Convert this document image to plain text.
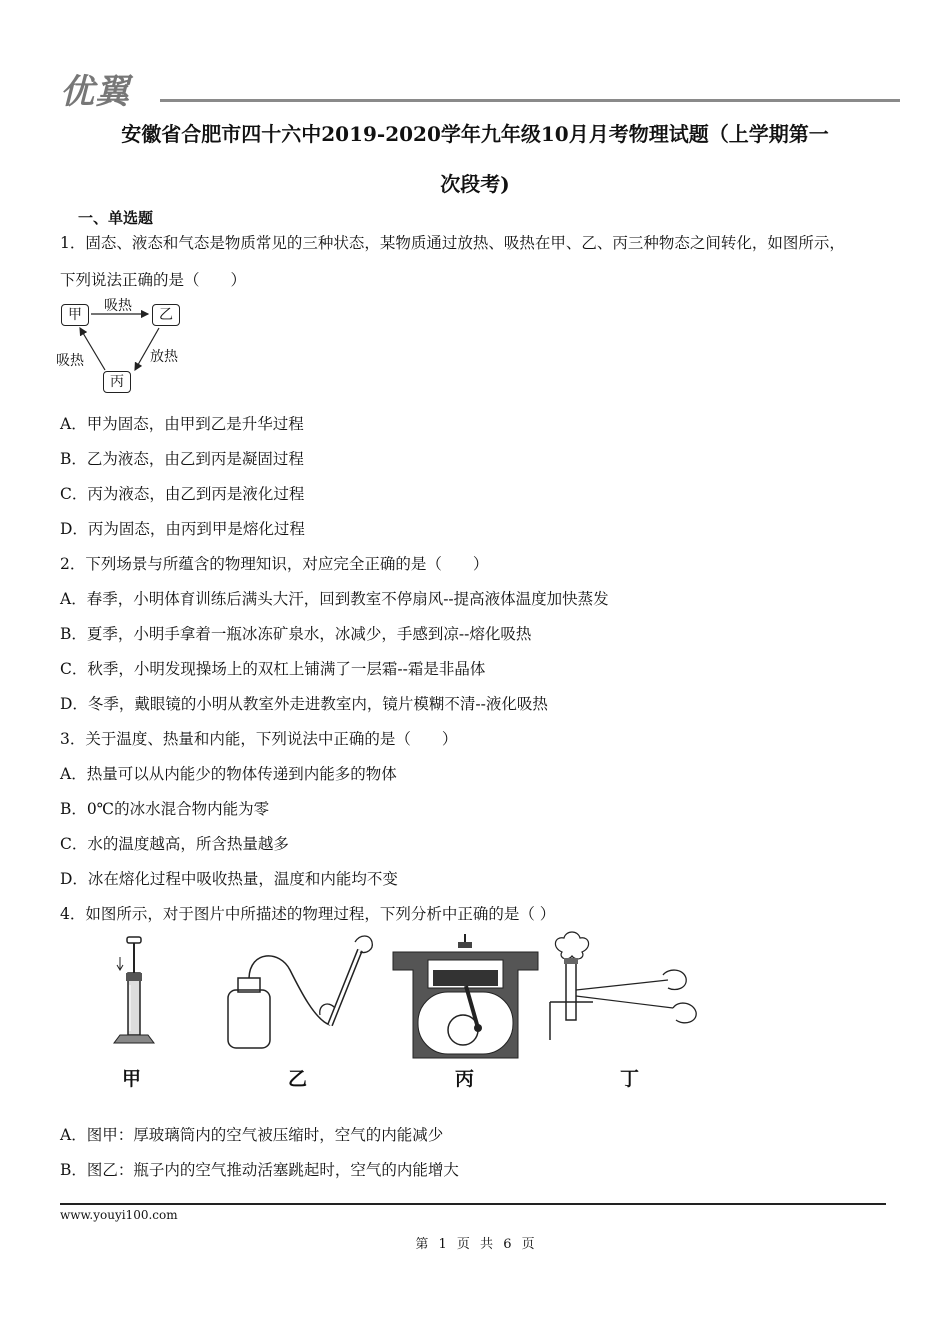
优翼
安徽省合肥市四十六中2019-2020学年九年级10月月考物理试题（上学期第一
次段考)
一、单选题
1．固态、液态和气态是物质常见的三种状态，某物质通过放热、吸热在甲、乙、丙三种物态之间转化，如图所示，
下列说法正确的是（　　）
甲	乙
丙
吸热
放热
吸热
A．甲为固态，由甲到乙是升华过程
B．乙为液态，由乙到丙是凝固过程
C．丙为液态，由乙到丙是液化过程
D．丙为固态，由丙到甲是熔化过程
2．下列场景与所蕴含的物理知识，对应完全正确的是（　　）
A．春季，小明体育训练后满头大汗，回到教室不停扇风--提高液体温度加快蒸发
B．夏季，小明手拿着一瓶冰冻矿泉水，冰减少，手感到凉--熔化吸热
C．秋季，小明发现操场上的双杠上铺满了一层霜--霜是非晶体
D．冬季，戴眼镜的小明从教室外走进教室内，镜片模糊不清--液化吸热
3．关于温度、热量和内能，下列说法中正确的是（　　）
A．热量可以从内能少的物体传递到内能多的物体
B．0℃的冰水混合物内能为零
C．水的温度越高，所含热量越多
D．冰在熔化过程中吸收热量，温度和内能均不变
4．如图所示，对于图片中所描述的物理过程，下列分析中正确的是（ ）
甲	乙	丙	丁
A．图甲：厚玻璃筒内的空气被压缩时，空气的内能减少
B．图乙：瓶子内的空气推动活塞跳起时，空气的内能增大
www.youyi100.com
第 1 页 共 6 页
